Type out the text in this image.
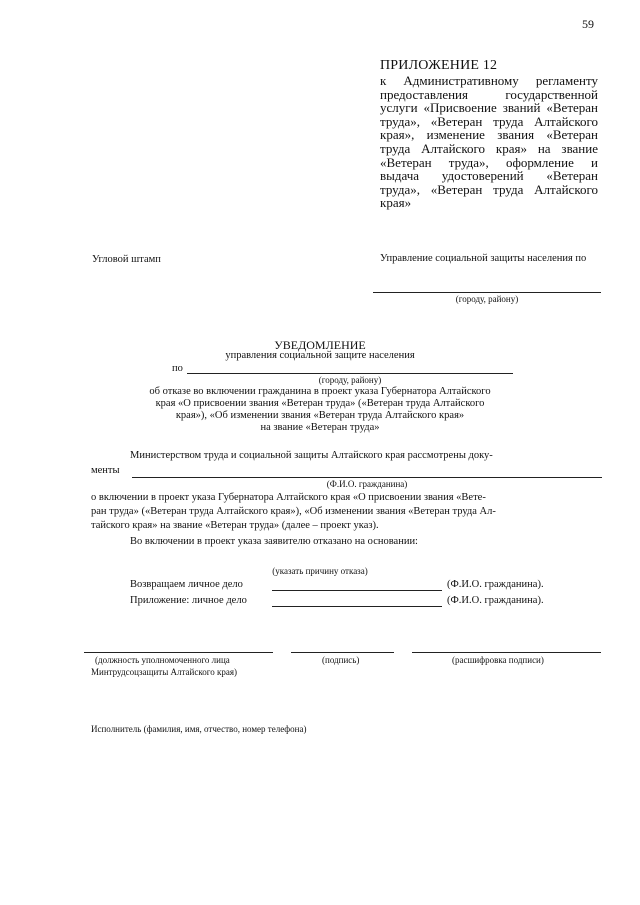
59
ПРИЛОЖЕНИЕ 12
к Административному регламенту предоставления государственной услуги «Присвоение званий «Ветеран труда», «Ветеран труда Алтайского края», изменение звания «Ветеран труда Алтайского края» на звание «Ветеран труда», оформление и выдача удостоверений «Ветеран труда», «Ветеран труда Алтайского края»
Угловой штамп	Управление социальной защиты населения по
(городу, району)
УВЕДОМЛЕНИЕ
управления социальной защите населения
по
(городу, району)
об отказе во включении гражданина в проект указа Губернатора Алтайского
края «О присвоении звания «Ветеран труда» («Ветеран труда Алтайского
края»), «Об изменении звания «Ветеран труда Алтайского края»
на звание «Ветеран труда»
Министерством труда и социальной защиты Алтайского края рассмотрены доку-
менты
(Ф.И.О. гражданина)
о включении в проект указа Губернатора Алтайского края «О присвоении звания «Вете-
ран труда» («Ветеран труда Алтайского края»), «Об изменении звания «Ветеран труда Ал-
тайского края» на звание «Ветеран труда» (далее – проект указ).
Во включении в проект указа заявителю отказано на основании:
(указать причину отказа)
Возвращаем личное дело	(Ф.И.О. гражданина).
Приложение: личное дело	(Ф.И.О. гражданина).
(должность уполномоченного лица
Минтрудсоцзащиты Алтайского края)
(подпись)	(расшифровка подписи)
Исполнитель (фамилия, имя, отчество, номер телефона)
